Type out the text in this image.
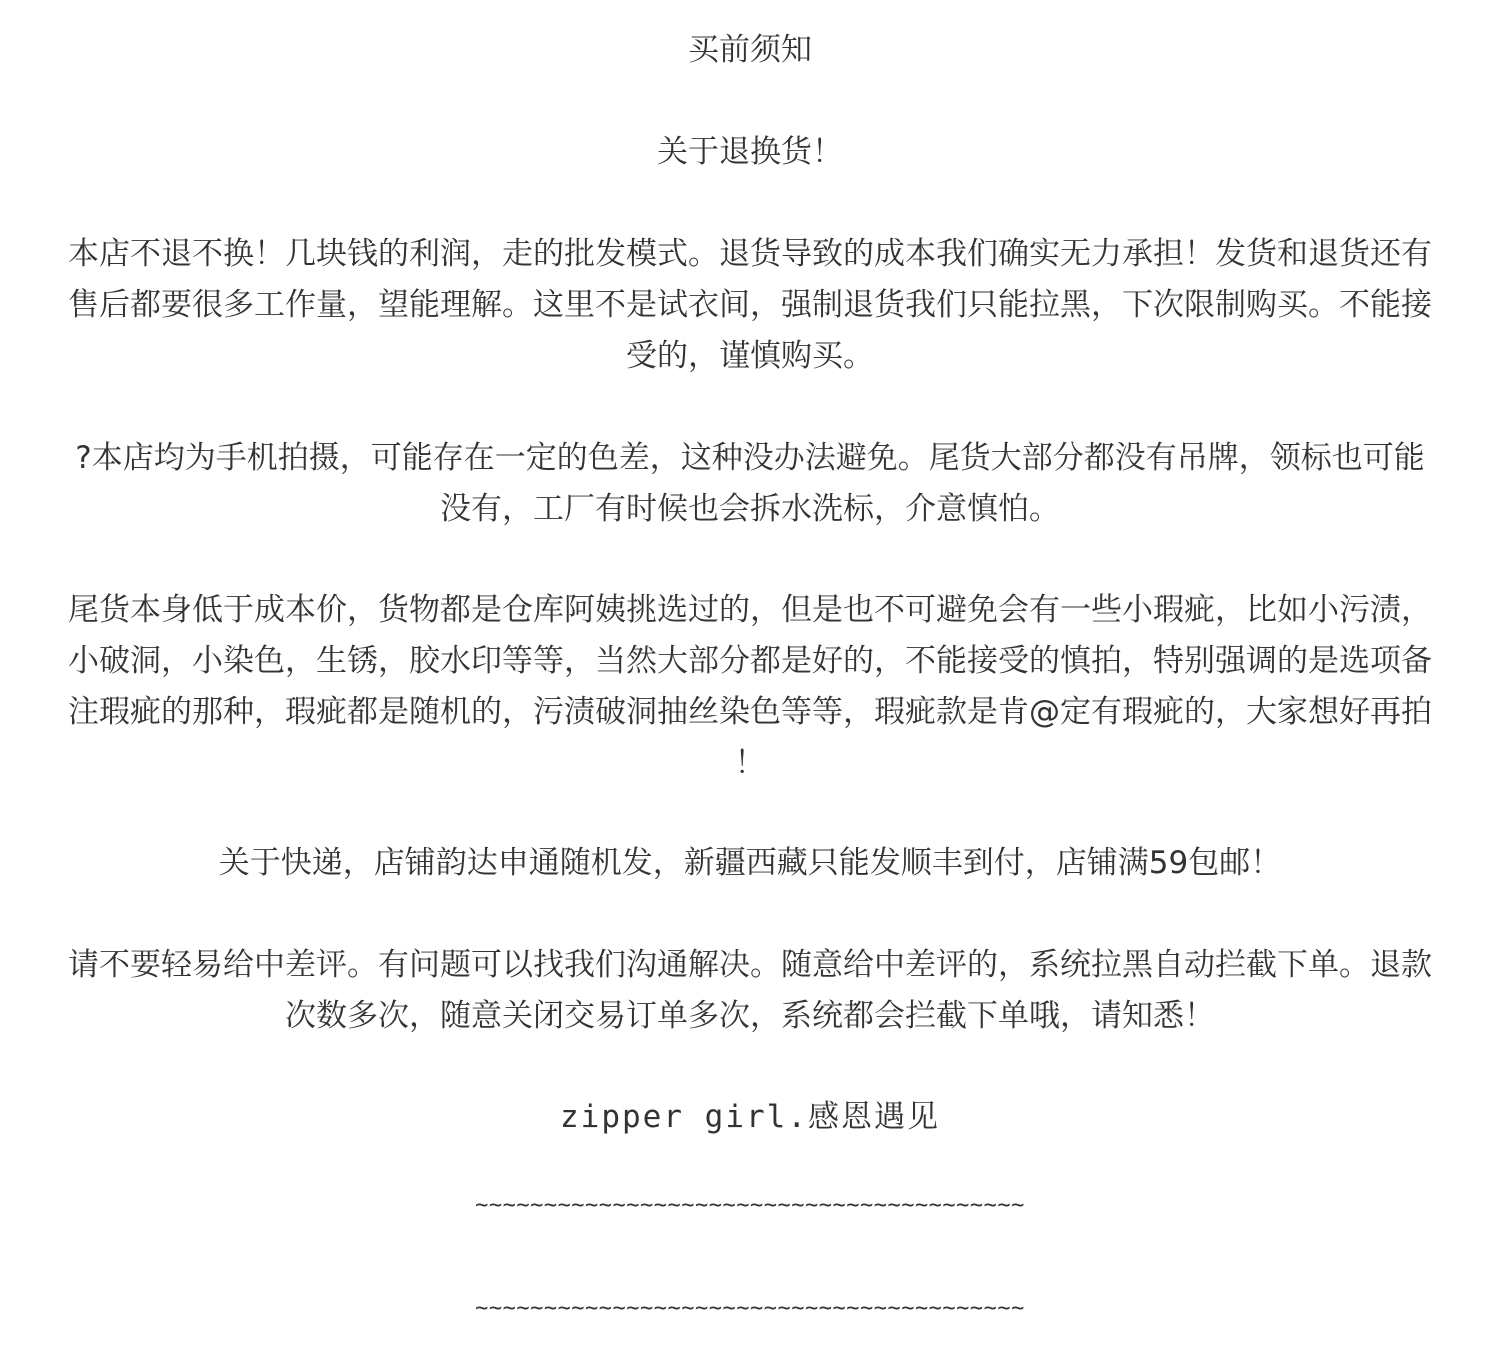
买前须知
关于退换货！
本店不退不换！几块钱的利润，走的批发模式。退货导致的成本我们确实无力承担！发货和退货还有
售后都要很多工作量，望能理解。这里不是试衣间，强制退货我们只能拉黑，下次限制购买。不能接
受的，谨慎购买。
?本店均为手机拍摄，可能存在一定的色差，这种没办法避免。尾货大部分都没有吊牌，领标也可能
没有，工厂有时候也会拆水洗标，介意慎怕。
尾货本身低于成本价，货物都是仓库阿姨挑选过的，但是也不可避免会有一些小瑕疵，比如小污渍，
小破洞，小染色，生锈，胶水印等等，当然大部分都是好的，不能接受的慎拍，特别强调的是选项备
注瑕疵的那种，瑕疵都是随机的，污渍破洞抽丝染色等等，瑕疵款是肯@定有瑕疵的，大家想好再拍
！
关于快递，店铺韵达申通随机发，新疆西藏只能发顺丰到付，店铺满59包邮！
请不要轻易给中差评。有问题可以找我们沟通解决。随意给中差评的，系统拉黑自动拦截下单。退款
次数多次，随意关闭交易订单多次，系统都会拦截下单哦，请知悉！
zipper girl.感恩遇见
~~~~~~~~~~~~~~~~~~~~~~~~~~~~~~~~~~~~~~~~
~~~~~~~~~~~~~~~~~~~~~~~~~~~~~~~~~~~~~~~~
